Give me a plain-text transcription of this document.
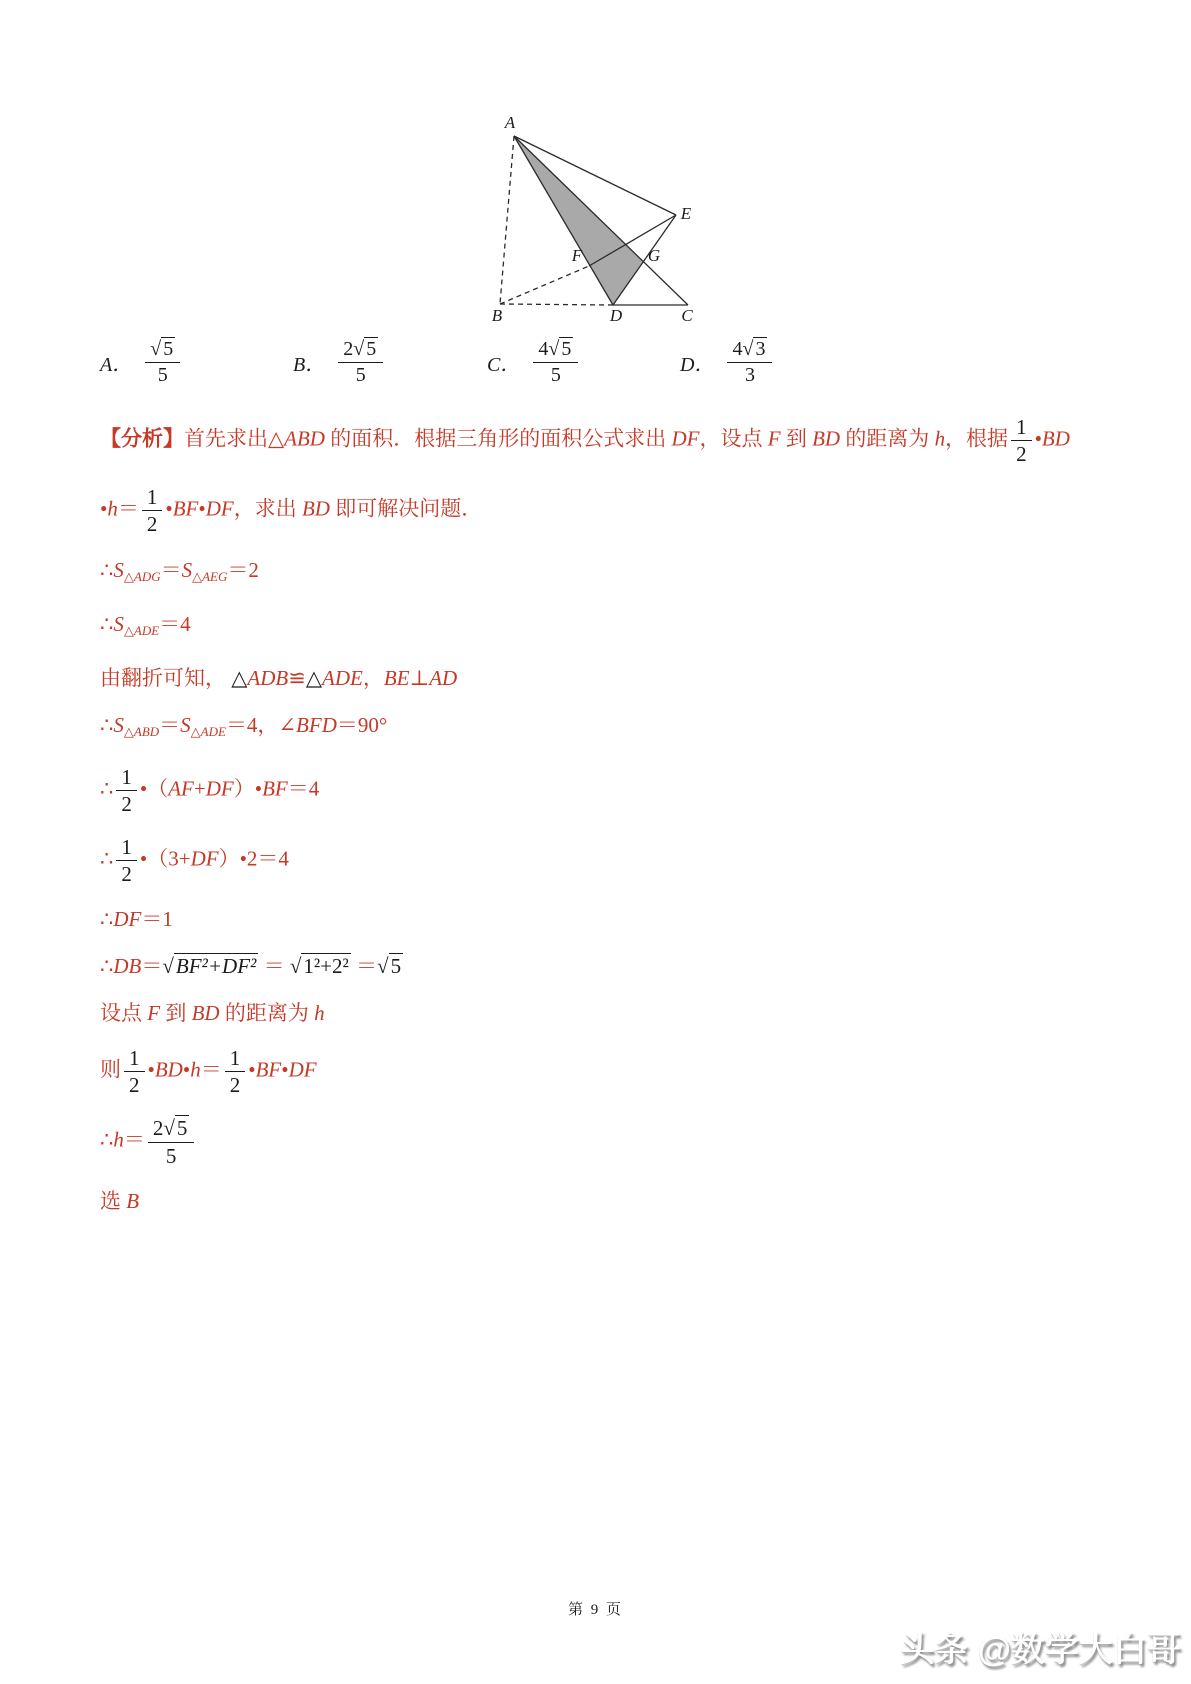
A
B	C
D
E
F	G
A． $\frac{√ 5}{5}$	B． $\frac{2√ 5}{5}$	C． $\frac{4√ 5}{5}$	D． $\frac{4√ 3}{3}$
【分析】首先求出△ABD 的面积．根据三角形的面积公式求出 DF，设点 F 到 BD 的距离为 h，根据 $\frac{1}{2}$ •BD
•h＝ $\frac{1}{2}$ •BF•DF，求出 BD 即可解决问题．
$\therefore S_{\triangle ADG}=S_{\triangle AEG}=2$
$\therefore S_{\triangle ADE}=4$
由翻折可知， △ADB≌△ADE，BE⊥AD
$\therefore S_{\triangle ABD}=S_{\triangle ADE}=4$，∠BFD＝90°
∴ $\frac{1}{2}$ •（AF+DF）•BF＝4
∴ $\frac{1}{2}$ •（3+DF）•2＝4
∴DF＝1
∴DB＝√BF²+DF² ＝ √1²+2² ＝√5
设点 F 到 BD 的距离为 h
则 $\frac{1}{2}$ •BD•h＝ $\frac{1}{2}$ •BF•DF
∴h＝ $\frac{2√5}{5}$
选 B
第 9 页
头条 @数学大白哥
